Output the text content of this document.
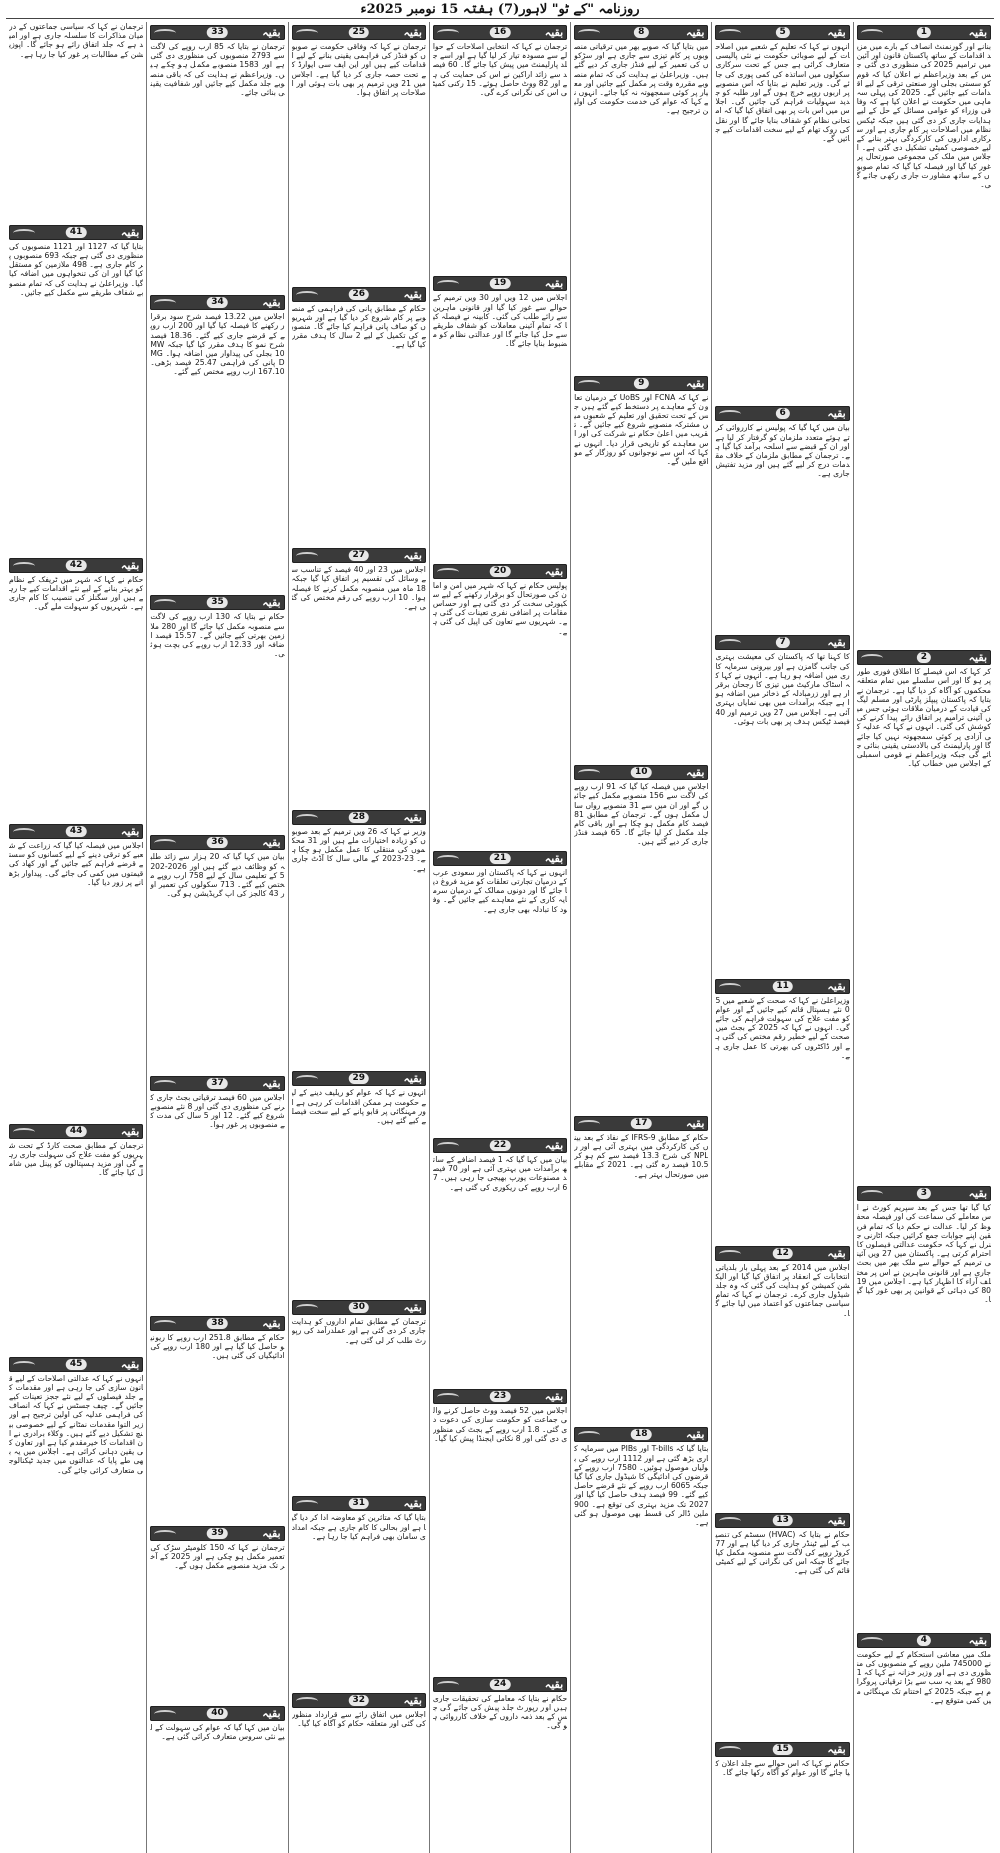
روزنامہ "کے ٹو" لاہور(7) ہفتہ 15 نومبر 2025ء
بقیہ
1
بنانے اور گورنمنٹ انصاف کے بارے میں مزید اقدامات کے ساتھ پاکستان قانون اور آئین میں ترامیم 2025 کی منظوری دی گئی جس کے بعد وزیراعظم نے اعلان کیا کہ قوم کو سستی بجلی اور صنعتی ترقی کے لیے اقدامات کیے جائیں گے۔ 2025 کی پہلی سہ ماہی میں حکومت نے اعلان کیا ہے کہ وفاقی وزراء کو عوامی مسائل کے حل کے لیے ہدایات جاری کر دی گئی ہیں جبکہ ٹیکس نظام میں اصلاحات پر کام جاری ہے اور سرکاری اداروں کی کارکردگی بہتر بنانے کے لیے خصوصی کمیٹی تشکیل دی گئی ہے۔ اجلاس میں ملک کی مجموعی صورتحال پر غور کیا گیا اور فیصلہ کیا گیا کہ تمام صوبوں کے ساتھ مشاورت جاری رکھی جائے گی۔
بقیہ
2
کر کہا کہ اس فیصلے کا اطلاق فوری طور پر ہو گا اور اس سلسلے میں تمام متعلقہ محکموں کو آگاہ کر دیا گیا ہے۔ ترجمان نے بتایا کہ پاکستان پیپلز پارٹی اور مسلم لیگ کی قیادت کے درمیان ملاقات ہوئی جس میں آئینی ترامیم پر اتفاق رائے پیدا کرنے کی کوشش کی گئی۔ انہوں نے کہا کہ عدلیہ کی آزادی پر کوئی سمجھوتہ نہیں کیا جائے گا اور پارلیمنٹ کی بالادستی یقینی بنائی جائے گی جبکہ وزیراعظم نے قومی اسمبلی کے اجلاس میں خطاب کیا۔
بقیہ
3
کیا گیا تھا جس کے بعد سپریم کورٹ نے اس معاملے کی سماعت کی اور فیصلہ محفوظ کر لیا۔ عدالت نے حکم دیا کہ تمام فریقین اپنے جوابات جمع کرائیں جبکہ اٹارنی جنرل نے کہا کہ حکومت عدالتی فیصلوں کا احترام کرتی ہے۔ پاکستان میں 27 ویں آئینی ترمیم کے حوالے سے ملک بھر میں بحث جاری ہے اور قانونی ماہرین نے اس پر مختلف آراء کا اظہار کیا ہے۔ اجلاس میں 1980 کی دہائی کے قوانین پر بھی غور کیا گیا۔
بقیہ
4
ملک میں معاشی استحکام کے لیے حکومت نے 745000 ملین روپے کے منصوبوں کی منظوری دی ہے اور وزیر خزانہ نے کہا کہ 1980 کے بعد یہ سب سے بڑا ترقیاتی پروگرام ہے جبکہ 2025 کے اختتام تک مہنگائی میں کمی متوقع ہے۔
بقیہ
5
انہوں نے کہا کہ تعلیم کے شعبے میں اصلاحات کے لیے صوبائی حکومت نے نئی پالیسی متعارف کرائی ہے جس کے تحت سرکاری سکولوں میں اساتذہ کی کمی پوری کی جائے گی۔ وزیر تعلیم نے بتایا کہ اس منصوبے پر اربوں روپے خرچ ہوں گے اور طلبہ کو جدید سہولیات فراہم کی جائیں گی۔ اجلاس میں اس بات پر بھی اتفاق کیا گیا کہ امتحانی نظام کو شفاف بنایا جائے گا اور نقل کی روک تھام کے لیے سخت اقدامات کیے جائیں گے۔
بقیہ
6
بیان میں کہا گیا کہ پولیس نے کارروائی کرتے ہوئے متعدد ملزمان کو گرفتار کر لیا ہے اور ان کے قبضے سے اسلحہ برآمد کیا گیا ہے۔ ترجمان کے مطابق ملزمان کے خلاف مقدمات درج کر لیے گئے ہیں اور مزید تفتیش جاری ہے۔
بقیہ
7
کا کہنا تھا کہ پاکستان کی معیشت بہتری کی جانب گامزن ہے اور بیرونی سرمایہ کاری میں اضافہ ہو رہا ہے۔ انہوں نے کہا کہ اسٹاک مارکیٹ میں تیزی کا رجحان برقرار ہے اور زرمبادلہ کے ذخائر میں اضافہ ہوا ہے جبکہ برآمدات میں بھی نمایاں بہتری آئی ہے۔ اجلاس میں 27 ویں ترمیم اور 40 فیصد ٹیکس ہدف پر بھی بات ہوئی۔
بقیہ
11
وزیراعلیٰ نے کہا کہ صحت کے شعبے میں 50 نئے ہسپتال قائم کیے جائیں گے اور عوام کو مفت علاج کی سہولت فراہم کی جائے گی۔ انہوں نے کہا کہ 2025 کے بجٹ میں صحت کے لیے خطیر رقم مختص کی گئی ہے اور ڈاکٹروں کی بھرتی کا عمل جاری ہے۔
بقیہ
12
اجلاس میں 2014 کے بعد پہلی بار بلدیاتی انتخابات کے انعقاد پر اتفاق کیا گیا اور الیکشن کمیشن کو ہدایت کی گئی کہ وہ جلد شیڈول جاری کرے۔ ترجمان نے کہا کہ تمام سیاسی جماعتوں کو اعتماد میں لیا جائے گا۔
بقیہ
13
حکام نے بتایا کہ (HVAC) سسٹم کی تنصیب کے لیے ٹینڈر جاری کر دیا گیا ہے اور 77 کروڑ روپے کی لاگت سے منصوبہ مکمل کیا جائے گا جبکہ اس کی نگرانی کے لیے کمیٹی قائم کی گئی ہے۔
بقیہ
15
حکام نے کہا کہ اس حوالے سے جلد اعلان کیا جائے گا اور عوام کو آگاہ رکھا جائے گا۔
بقیہ
8
میں بتایا گیا کہ صوبے بھر میں ترقیاتی منصوبوں پر کام تیزی سے جاری ہے اور سڑکوں کی تعمیر کے لیے فنڈز جاری کر دیے گئے ہیں۔ وزیراعلیٰ نے ہدایت کی کہ تمام منصوبے مقررہ وقت پر مکمل کیے جائیں اور معیار پر کوئی سمجھوتہ نہ کیا جائے۔ انہوں نے کہا کہ عوام کی خدمت حکومت کی اولین ترجیح ہے۔
بقیہ
9
نے کہا کہ FCNA اور UoBS کے درمیان تعاون کے معاہدے پر دستخط کیے گئے ہیں جس کے تحت تحقیق اور تعلیم کے شعبوں میں مشترکہ منصوبے شروع کیے جائیں گے۔ تقریب میں اعلیٰ حکام نے شرکت کی اور اس معاہدے کو تاریخی قرار دیا۔ انہوں نے کہا کہ اس سے نوجوانوں کو روزگار کے مواقع ملیں گے۔
بقیہ
10
اجلاس میں فیصلہ کیا گیا کہ 91 ارب روپے کی لاگت سے 156 منصوبے مکمل کیے جائیں گے اور ان میں سے 31 منصوبے رواں سال مکمل ہوں گے۔ ترجمان کے مطابق 81 فیصد کام مکمل ہو چکا ہے اور باقی کام جلد مکمل کر لیا جائے گا۔ 65 فیصد فنڈز جاری کر دیے گئے ہیں۔
بقیہ
17
حکام کے مطابق IFRS-9 کے نفاذ کے بعد بینکوں کی کارکردگی میں بہتری آئی ہے اور NPL کی شرح 13.3 فیصد سے کم ہو کر 10.5 فیصد رہ گئی ہے۔ 2021 کے مقابلے میں صورتحال بہتر ہے۔
بقیہ
18
بتایا گیا کہ T-bills اور PIBs میں سرمایہ کاری بڑھ گئی ہے اور 1112 ارب روپے کی بولیاں موصول ہوئیں۔ 7580 ارب روپے کے قرضوں کی ادائیگی کا شیڈول جاری کیا گیا جبکہ 6065 ارب روپے کے نئے قرضے حاصل کیے گئے۔ 99 فیصد ہدف حاصل کیا گیا اور 2027 تک مزید بہتری کی توقع ہے۔ 900 ملین ڈالر کی قسط بھی موصول ہو گئی ہے۔
بقیہ
16
ترجمان نے کہا کہ انتخابی اصلاحات کے حوالے سے مسودہ تیار کر لیا گیا ہے اور اسے جلد پارلیمنٹ میں پیش کیا جائے گا۔ 60 فیصد سے زائد اراکین نے اس کی حمایت کی ہے اور 82 ووٹ حاصل ہوئے۔ 15 رکنی کمیٹی اس کی نگرانی کرے گی۔
بقیہ
19
اجلاس میں 12 ویں اور 30 ویں ترمیم کے حوالے سے غور کیا گیا اور قانونی ماہرین سے رائے طلب کی گئی۔ کابینہ نے فیصلہ کیا کہ تمام آئینی معاملات کو شفاف طریقے سے حل کیا جائے گا اور عدالتی نظام کو مضبوط بنایا جائے گا۔
بقیہ
20
پولیس حکام نے کہا کہ شہر میں امن و امان کی صورتحال کو برقرار رکھنے کے لیے سکیورٹی سخت کر دی گئی ہے اور حساس مقامات پر اضافی نفری تعینات کی گئی ہے۔ شہریوں سے تعاون کی اپیل کی گئی ہے۔
بقیہ
21
انہوں نے کہا کہ پاکستان اور سعودی عرب کے درمیان تجارتی تعلقات کو مزید فروغ دیا جائے گا اور دونوں ممالک کے درمیان سرمایہ کاری کے نئے معاہدے کیے جائیں گے۔ وفود کا تبادلہ بھی جاری ہے۔
بقیہ
22
بیان میں کہا گیا کہ 1 فیصد اضافے کے ساتھ برآمدات میں بہتری آئی ہے اور 70 فیصد مصنوعات یورپ بھیجی جا رہی ہیں۔ 76 ارب روپے کی ریکوری کی گئی ہے۔
بقیہ
23
اجلاس میں 52 فیصد ووٹ حاصل کرنے والی جماعت کو حکومت سازی کی دعوت دی گئی۔ 1.8 ارب روپے کے بجٹ کی منظوری دی گئی اور 8 نکاتی ایجنڈا پیش کیا گیا۔
بقیہ
24
حکام نے بتایا کہ معاملے کی تحقیقات جاری ہیں اور رپورٹ جلد پیش کی جائے گی جس کے بعد ذمہ داروں کے خلاف کارروائی ہو گی۔
بقیہ
25
ترجمان نے کہا کہ وفاقی حکومت نے صوبوں کو فنڈز کی فراہمی یقینی بنانے کے لیے اقدامات کیے ہیں اور این ایف سی ایوارڈ کے تحت حصہ جاری کر دیا گیا ہے۔ اجلاس میں 21 ویں ترمیم پر بھی بات ہوئی اور اصلاحات پر اتفاق ہوا۔
بقیہ
26
حکام کے مطابق پانی کی فراہمی کے منصوبے پر کام شروع کر دیا گیا ہے اور شہریوں کو صاف پانی فراہم کیا جائے گا۔ منصوبے کی تکمیل کے لیے 2 سال کا ہدف مقرر کیا گیا ہے۔
بقیہ
27
اجلاس میں 23 اور 40 فیصد کے تناسب سے وسائل کی تقسیم پر اتفاق کیا گیا جبکہ 18 ماہ میں منصوبہ مکمل کرنے کا فیصلہ ہوا۔ 10 ارب روپے کی رقم مختص کی گئی ہے۔
بقیہ
28
وزیر نے کہا کہ 26 ویں ترمیم کے بعد صوبوں کو زیادہ اختیارات ملے ہیں اور 31 محکموں کی منتقلی کا عمل مکمل ہو چکا ہے۔ 23-2023 کے مالی سال کا آڈٹ جاری ہے۔
بقیہ
29
انہوں نے کہا کہ عوام کو ریلیف دینے کے لیے حکومت ہر ممکن اقدامات کر رہی ہے اور مہنگائی پر قابو پانے کے لیے سخت فیصلے کیے گئے ہیں۔
بقیہ
30
ترجمان کے مطابق تمام اداروں کو ہدایت جاری کر دی گئی ہے اور عملدرآمد کی رپورٹ طلب کر لی گئی ہے۔
بقیہ
31
بتایا گیا کہ متاثرین کو معاوضہ ادا کر دیا گیا ہے اور بحالی کا کام جاری ہے جبکہ امدادی سامان بھی فراہم کیا جا رہا ہے۔
بقیہ
32
اجلاس میں اتفاق رائے سے قرارداد منظور کی گئی اور متعلقہ حکام کو آگاہ کیا گیا۔
بقیہ
33
ترجمان نے بتایا کہ 85 ارب روپے کی لاگت سے 2793 منصوبوں کی منظوری دی گئی ہے اور 1583 منصوبے مکمل ہو چکے ہیں۔ وزیراعظم نے ہدایت کی کہ باقی منصوبے جلد مکمل کیے جائیں اور شفافیت یقینی بنائی جائے۔
بقیہ
34
اجلاس میں 13.22 فیصد شرح سود برقرار رکھنے کا فیصلہ کیا گیا اور 200 ارب روپے کے قرضے جاری کیے گئے۔ 18.36 فیصد شرح نمو کا ہدف مقرر کیا گیا جبکہ MW 10 بجلی کی پیداوار میں اضافہ ہوا۔ MGD پانی کی فراہمی 25.47 فیصد بڑھی۔ 167.10 ارب روپے مختص کیے گئے۔
بقیہ
35
حکام نے بتایا کہ 130 ارب روپے کی لاگت سے منصوبہ مکمل کیا جائے گا اور 280 ملازمین بھرتی کیے جائیں گے۔ 15.57 فیصد اضافہ اور 12.33 ارب روپے کی بچت ہوئی۔
بقیہ
36
بیان میں کہا گیا کہ 20 ہزار سے زائد طلبہ کو وظائف دیے گئے ہیں اور 2026-2025 کے تعلیمی سال کے لیے 758 ارب روپے مختص کیے گئے۔ 713 سکولوں کی تعمیر اور 43 کالجز کی اپ گریڈیشن ہو گی۔
بقیہ
37
اجلاس میں 60 فیصد ترقیاتی بجٹ جاری کرنے کی منظوری دی گئی اور 8 نئے منصوبے شروع کیے گئے۔ 12 اور 5 سال کی مدت کے منصوبوں پر غور ہوا۔
بقیہ
38
حکام کے مطابق 251.8 ارب روپے کا ریونیو حاصل کیا گیا ہے اور 180 ارب روپے کی ادائیگیاں کی گئی ہیں۔
بقیہ
39
ترجمان نے کہا کہ 150 کلومیٹر سڑک کی تعمیر مکمل ہو چکی ہے اور 2025 کے آخر تک مزید منصوبے مکمل ہوں گے۔
بقیہ
40
بیان میں کہا گیا کہ عوام کی سہولت کے لیے نئی سروس متعارف کرائی گئی ہے۔
ترجمان نے کہا کہ سیاسی جماعتوں کے درمیان مذاکرات کا سلسلہ جاری ہے اور امید ہے کہ جلد اتفاق رائے ہو جائے گا۔ اپوزیشن کے مطالبات پر غور کیا جا رہا ہے۔
بقیہ
41
بتایا گیا کہ 1127 اور 1121 منصوبوں کی منظوری دی گئی ہے جبکہ 693 منصوبوں پر کام جاری ہے۔ 498 ملازمین کو مستقل کیا گیا اور ان کی تنخواہوں میں اضافہ کیا گیا۔ وزیراعلیٰ نے ہدایت کی کہ تمام منصوبے شفاف طریقے سے مکمل کیے جائیں۔
بقیہ
42
حکام نے کہا کہ شہر میں ٹریفک کے نظام کو بہتر بنانے کے لیے نئے اقدامات کیے جا رہے ہیں اور سگنلز کی تنصیب کا کام جاری ہے۔ شہریوں کو سہولت ملے گی۔
بقیہ
43
اجلاس میں فیصلہ کیا گیا کہ زراعت کے شعبے کو ترقی دینے کے لیے کسانوں کو سستے قرضے فراہم کیے جائیں گے اور کھاد کی قیمتوں میں کمی کی جائے گی۔ پیداوار بڑھانے پر زور دیا گیا۔
بقیہ
44
ترجمان کے مطابق صحت کارڈ کے تحت شہریوں کو مفت علاج کی سہولت جاری رہے گی اور مزید ہسپتالوں کو پینل میں شامل کیا جائے گا۔
بقیہ
45
انہوں نے کہا کہ عدالتی اصلاحات کے لیے قانون سازی کی جا رہی ہے اور مقدمات کے جلد فیصلوں کے لیے نئے ججز تعینات کیے جائیں گے۔ چیف جسٹس نے کہا کہ انصاف کی فراہمی عدلیہ کی اولین ترجیح ہے اور زیر التوا مقدمات نمٹانے کے لیے خصوصی بینچ تشکیل دیے گئے ہیں۔ وکلاء برادری نے ان اقدامات کا خیرمقدم کیا ہے اور تعاون کی یقین دہانی کرائی ہے۔ اجلاس میں یہ بھی طے پایا کہ عدالتوں میں جدید ٹیکنالوجی متعارف کرائی جائے گی۔
